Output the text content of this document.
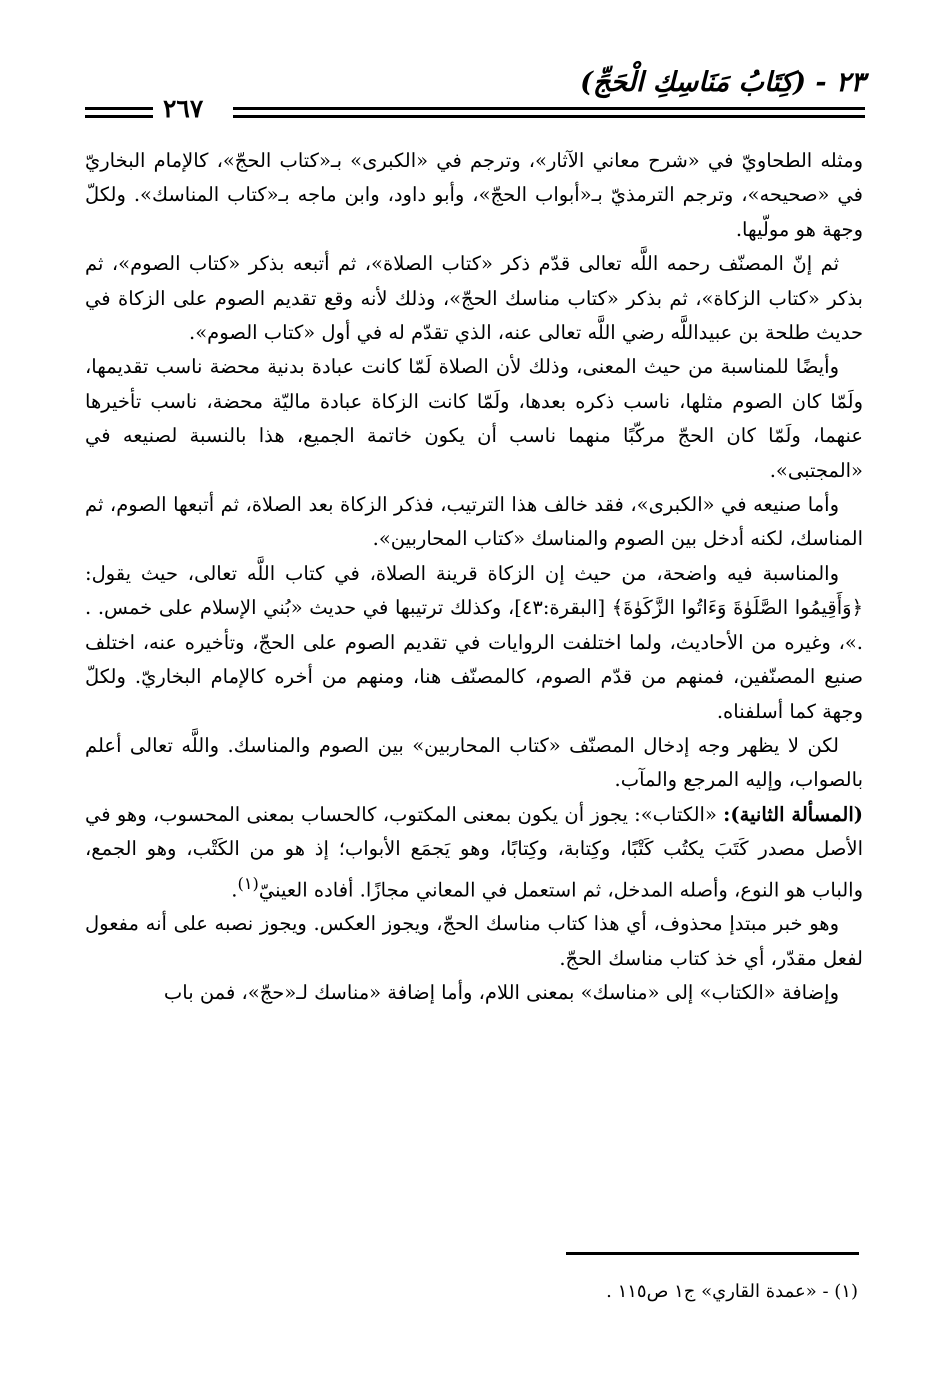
٢٣ - (كِتَابُ مَنَاسِكِ الْحَجِّ)
٢٦٧

ومثله الطحاويّ في «شرح معاني الآثار»، وترجم في «الكبرى» بـ«كتاب الحجّ»، كالإمام البخاريّ في «صحيحه»، وترجم الترمذيّ بـ«أبواب الحجّ»، وأبو داود، وابن ماجه بـ«كتاب المناسك». ولكلّ وجهة هو مولّيها.

ثم إنّ المصنّف رحمه اللَّه تعالى قدّم ذكر «كتاب الصلاة»، ثم أتبعه بذكر «كتاب الصوم»، ثم بذكر «كتاب الزكاة»، ثم بذكر «كتاب مناسك الحجّ»، وذلك لأنه وقع تقديم الصوم على الزكاة في حديث طلحة بن عبيداللَّه رضي اللَّه تعالى عنه، الذي تقدّم له في أول «كتاب الصوم».

وأيضًا للمناسبة من حيث المعنى، وذلك لأن الصلاة لَمّا كانت عبادة بدنية محضة ناسب تقديمها، ولَمّا كان الصوم مثلها، ناسب ذكره بعدها، ولَمّا كانت الزكاة عبادة ماليّة محضة، ناسب تأخيرها عنهما، ولَمّا كان الحجّ مركّبًا منهما ناسب أن يكون خاتمة الجميع، هذا بالنسبة لصنيعه في «المجتبى».

وأما صنيعه في «الكبرى»، فقد خالف هذا الترتيب، فذكر الزكاة بعد الصلاة، ثم أتبعها الصوم، ثم المناسك، لكنه أدخل بين الصوم والمناسك «كتاب المحاربين».

والمناسبة فيه واضحة، من حيث إن الزكاة قرينة الصلاة، في كتاب اللَّه تعالى، حيث يقول: ﴿وَأَقِيمُوا الصَّلَوٰةَ وَءَاتُوا الزَّكَوٰةَ﴾ [البقرة:٤٣]، وكذلك ترتيبها في حديث «بُني الإسلام على خمس. . .»، وغيره من الأحاديث، ولما اختلفت الروايات في تقديم الصوم على الحجّ، وتأخيره عنه، اختلف صنيع المصنّفين، فمنهم من قدّم الصوم، كالمصنّف هنا، ومنهم من أخره كالإمام البخاريّ. ولكلّ وجهة كما أسلفناه.

لكن لا يظهر وجه إدخال المصنّف «كتاب المحاربين» بين الصوم والمناسك. واللَّه تعالى أعلم بالصواب، وإليه المرجع والمآب.

(المسألة الثانية): «الكتاب»: يجوز أن يكون بمعنى المكتوب، كالحساب بمعنى المحسوب، وهو في الأصل مصدر كَتَبَ يكتُب كَتْبًا، وكِتابة، وكِتابًا، وهو يَجمَع الأبواب؛ إذ هو من الكَتْب، وهو الجمع، والباب هو النوع، وأصله المدخل، ثم استعمل في المعاني مجازًا. أفاده العينيّ$^{(١)}$.

وهو خبر مبتدإ محذوف، أي هذا كتاب مناسك الحجّ، ويجوز العكس. ويجوز نصبه على أنه مفعول لفعل مقدّر، أي خذ كتاب مناسك الحجّ.

وإضافة «الكتاب» إلى «مناسك» بمعنى اللام، وأما إضافة «مناسك لـ«حجّ»، فمن باب

(١) - «عمدة القاري» ج١ ص١١٥ .
